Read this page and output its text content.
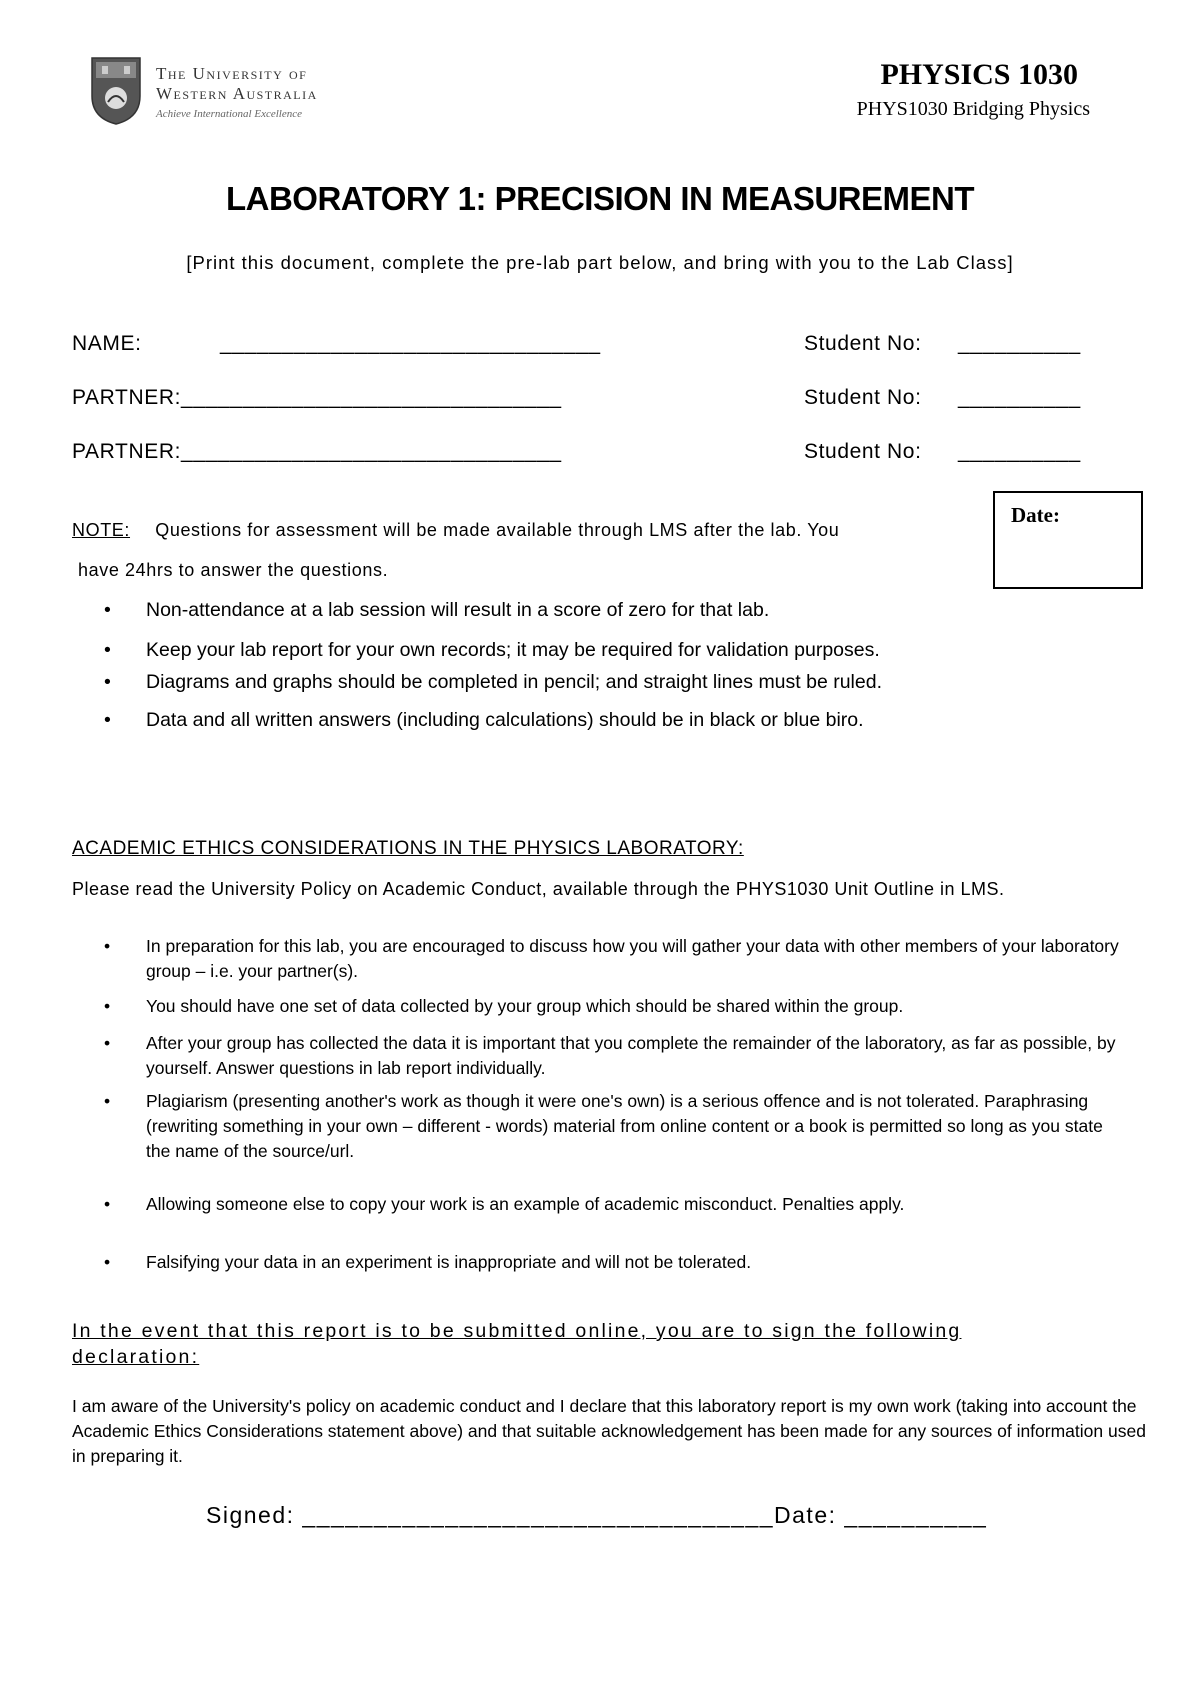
The University of
Western Australia
Achieve International Excellence
PHYSICS 1030
PHYS1030 Bridging Physics
LABORATORY 1: PRECISION IN MEASUREMENT
[Print this document, complete the pre-lab part below, and bring with you to the Lab Class]
NAME:	_______________________________	Student No: __________
PARTNER: _______________________________	Student No: __________
PARTNER: _______________________________	Student No: __________
Date:
NOTE: Questions for assessment will be made available through LMS after the lab. You
have 24hrs to answer the questions.
• Non-attendance at a lab session will result in a score of zero for that lab.
• Keep your lab report for your own records; it may be required for validation purposes.
• Diagrams and graphs should be completed in pencil; and straight lines must be ruled.
• Data and all written answers (including calculations) should be in black or blue biro.
ACADEMIC ETHICS CONSIDERATIONS IN THE PHYSICS LABORATORY:
Please read the University Policy on Academic Conduct, available through the PHYS1030 Unit Outline in LMS.
• In preparation for this lab, you are encouraged to discuss how you will gather your data with other members of your laboratory group – i.e. your partner(s).
• You should have one set of data collected by your group which should be shared within the group.
• After your group has collected the data it is important that you complete the remainder of the laboratory, as far as possible, by yourself. Answer questions in lab report individually.
• Plagiarism (presenting another's work as though it were one's own) is a serious offence and is not tolerated. Paraphrasing (rewriting something in your own – different - words) material from online content or a book is permitted so long as you state the name of the source/url.
• Allowing someone else to copy your work is an example of academic misconduct. Penalties apply.
• Falsifying your data in an experiment is inappropriate and will not be tolerated.
In the event that this report is to be submitted online, you are to sign the following declaration:
I am aware of the University's policy on academic conduct and I declare that this laboratory report is my own work (taking into account the Academic Ethics Considerations statement above) and that suitable acknowledgement has been made for any sources of information used in preparing it.
Signed: _________________________________Date: __________
